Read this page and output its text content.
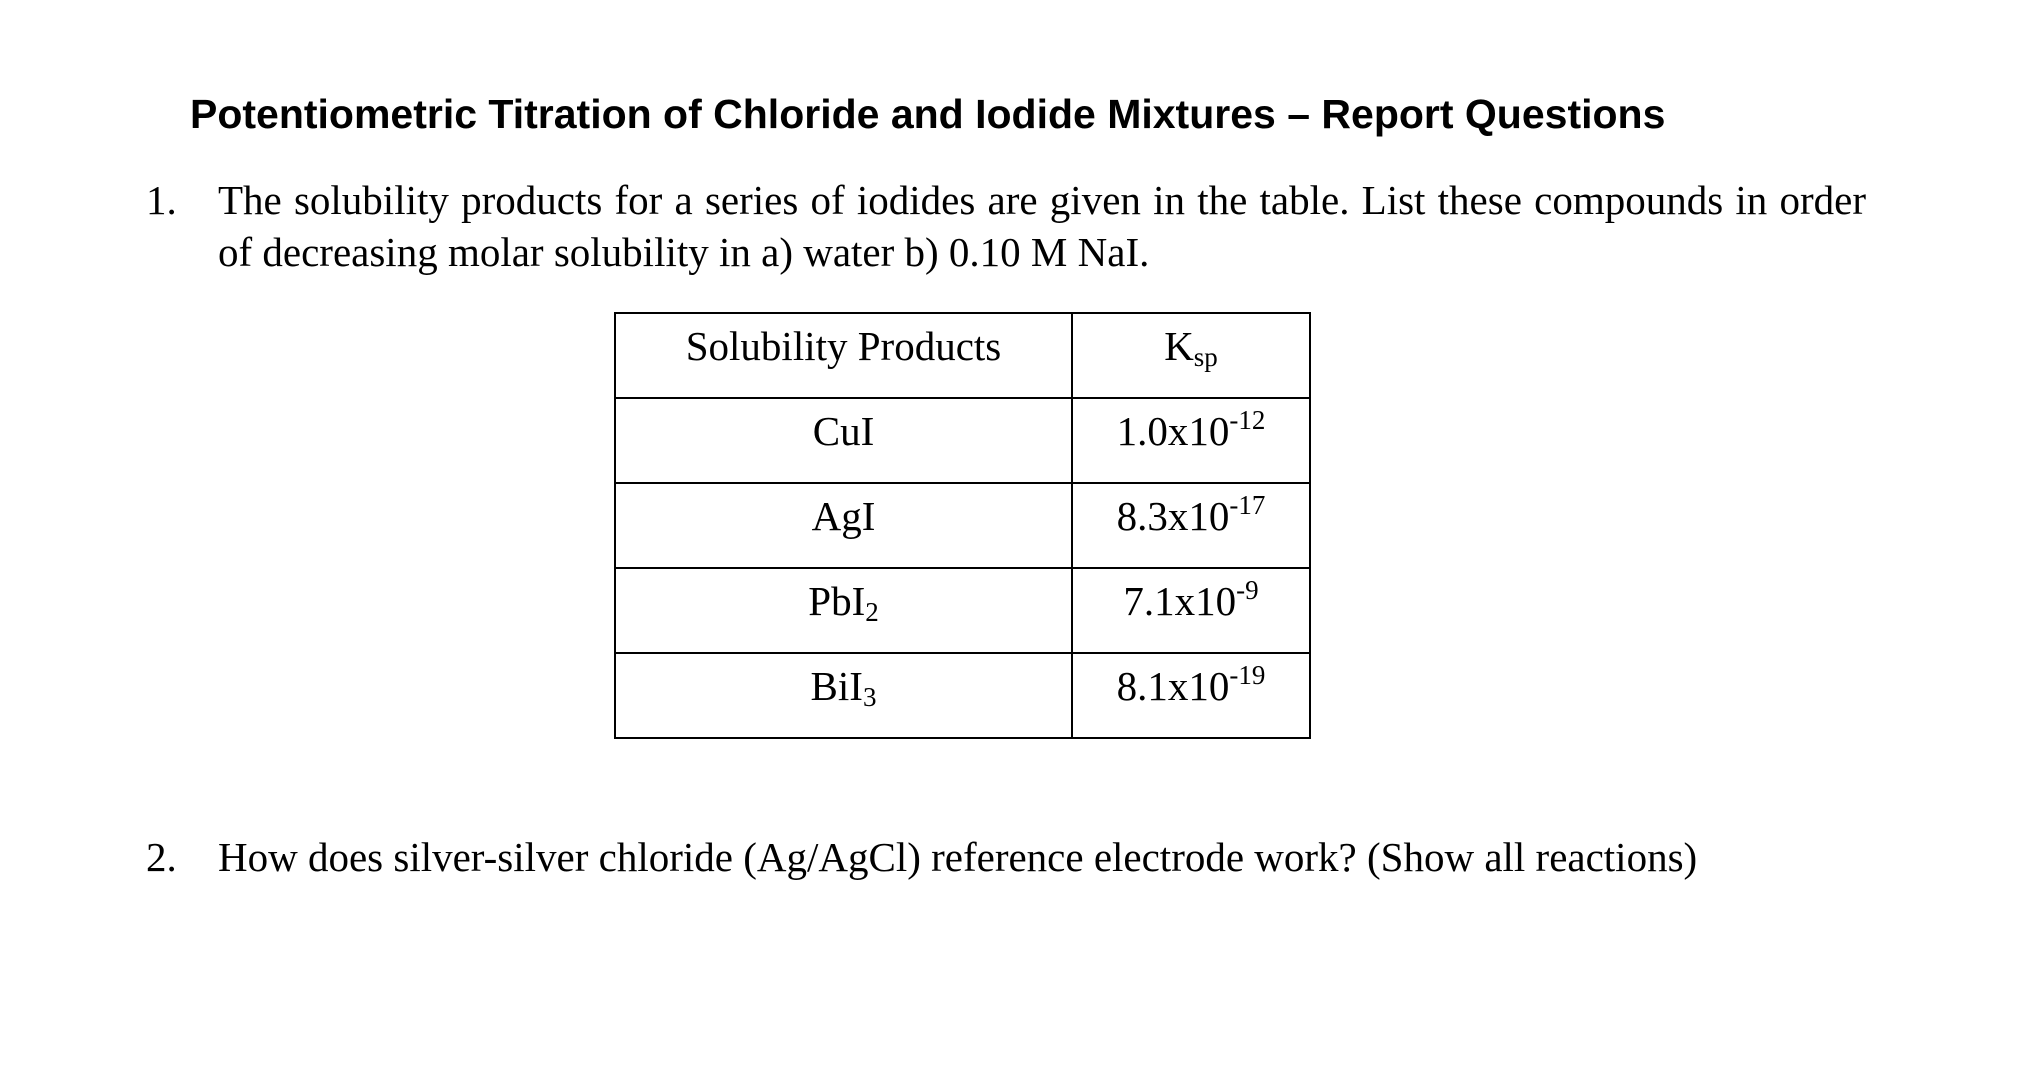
Potentiometric Titration of Chloride and Iodide Mixtures – Report Questions
1.	The solubility products for a series of iodides are given in the table. List these compounds in order of decreasing molar solubility in a) water b) 0.10 M NaI.
Solubility Products	$K_{sp}$

CuI	$1.0x10^{-12}$

AgI	$8.3x10^{-17}$

PbI$_2$	$7.1x10^{-9}$

BiI$_3$	$8.1x10^{-19}$
2.	How does silver-silver chloride (Ag/AgCl) reference electrode work? (Show all reactions)
